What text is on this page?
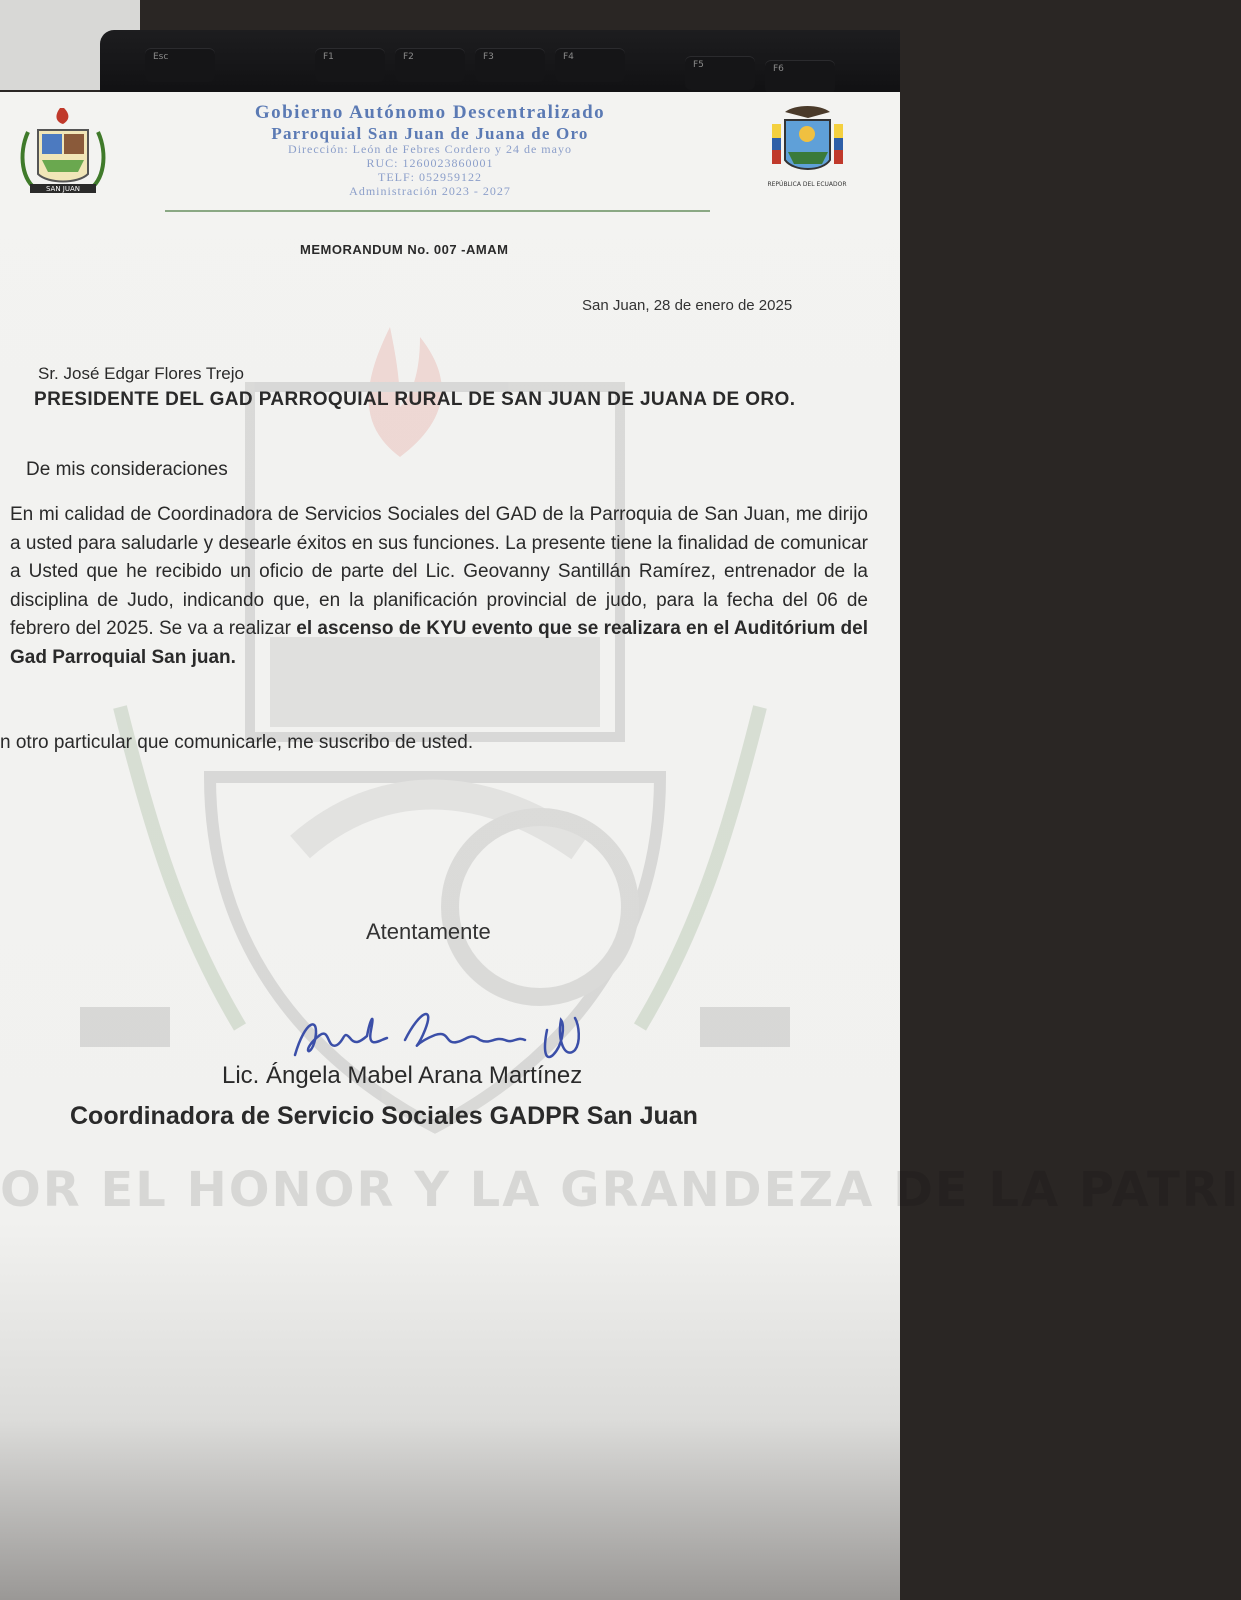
Esc	F1	F2	F3	F4
F5	F6
OR EL HONOR Y LA GRANDEZA DE LA PATRI
SAN JUAN
REPÚBLICA DEL ECUADOR
Gobierno Autónomo Descentralizado
Parroquial San Juan de Juana de Oro
Dirección: León de Febres Cordero y 24 de mayo
RUC: 1260023860001
TELF: 052959122
Administración 2023 - 2027
MEMORANDUM No. 007 -AMAM
San Juan, 28 de enero de 2025
Sr. José Edgar Flores Trejo
PRESIDENTE DEL GAD PARROQUIAL RURAL DE SAN JUAN DE JUANA DE ORO.
De mis consideraciones
En mi calidad de Coordinadora de Servicios Sociales del GAD de la Parroquia de San Juan, me dirijo a usted para saludarle y desearle éxitos en sus funciones. La presente tiene la finalidad de comunicar a Usted que he recibido un oficio de parte del Lic. Geovanny Santillán Ramírez, entrenador de la disciplina de Judo, indicando que, en la planificación provincial de judo, para la fecha del 06 de febrero del 2025. Se va a realizar el ascenso de KYU evento que se realizara en el Auditórium del Gad Parroquial San juan.
n otro particular que comunicarle, me suscribo de usted.
Atentamente
Lic. Ángela Mabel Arana Martínez
Coordinadora de Servicio Sociales GADPR San Juan
